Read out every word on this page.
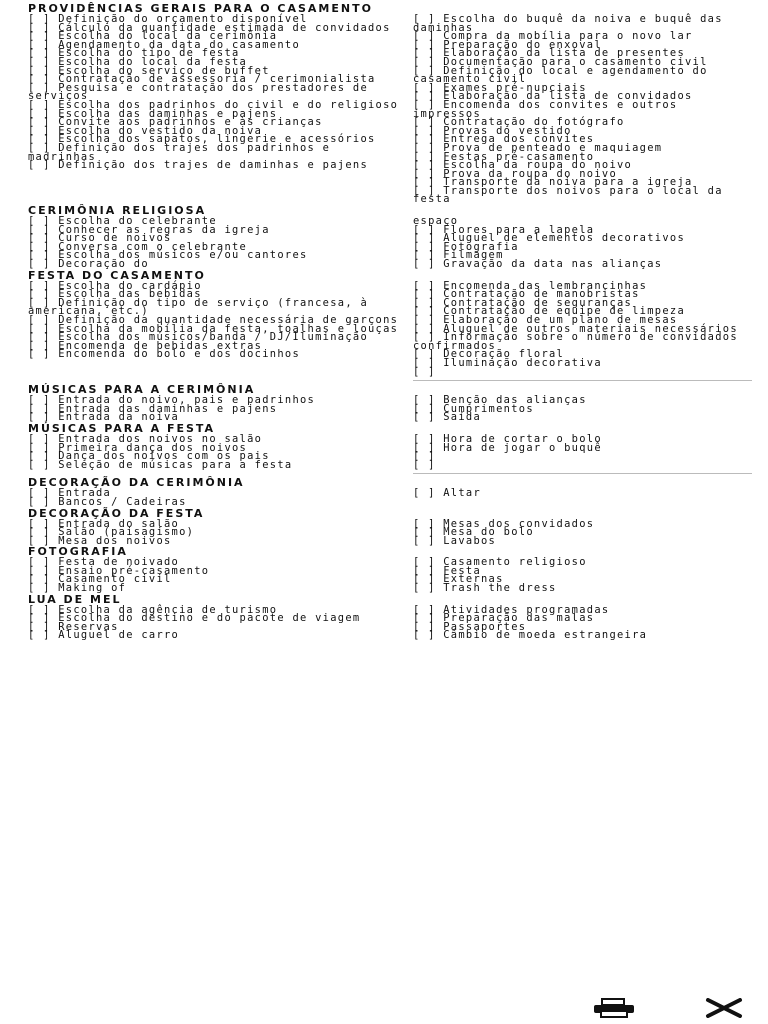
PROVIDÊNCIAS GERAIS PARA O CASAMENTO
[ ] Definição do orçamento disponível
[ ] Cálculo da quantidade estimada de convidados
[ ] Escolha do local da cerimônia
[ ] Agendamento da data do casamento
[ ] Escolha do tipo de festa
[ ] Escolha do local da festa
[ ] Escolha do serviço de buffet
[ ] Contratação de assessoria / cerimonialista
[ ] Pesquisa e contratação dos prestadores de serviços
[ ] Escolha dos padrinhos do civil e do religioso
[ ] Escolha das daminhas e pajens
[ ] Convite aos padrinhos e às crianças
[ ] Escolha do vestido da noiva
[ ] Escolha dos sapatos, lingerie e acessórios
[ ] Definição dos trajes dos padrinhos e madrinhas
[ ] Definição dos trajes de daminhas e pajens
[ ] Escolha do buquê da noiva e buquê das daminhas
[ ] Compra da mobília para o novo lar
[ ] Preparação do enxoval
[ ] Elaboração da lista de presentes
[ ] Documentação para o casamento civil
[ ] Definição do local e agendamento do casamento civil
[ ] Exames pré-nupciais
[ ] Elaboração da lista de convidados
[ ] Encomenda dos convites e outros impressos
[ ] Contratação do fotógrafo
[ ] Provas do vestido
[ ] Entrega dos convites
[ ] Prova de penteado e maquiagem
[ ] Festas pré-casamento
[ ] Escolha da roupa do noivo
[ ] Prova da roupa do noivo
[ ] Transporte da noiva para a igreja
[ ] Transporte dos noivos para o local da festa
CERIMÔNIA RELIGIOSA
[ ] Escolha do celebrante
[ ] Conhecer as regras da igreja
[ ] Curso de noivos
[ ] Conversa com o celebrante
[ ] Escolha dos músicos e/ou cantores
[ ] Decoração do
espaço
[ ] Flores para a lapela
[ ] Aluguel de elementos decorativos
[ ] Fotografia
[ ] Filmagem
[ ] Gravação da data nas alianças
FESTA DO CASAMENTO
[ ] Escolha do cardápio
[ ] Escolha das bebidas
[ ] Definição do tipo de serviço (francesa, à americana, etc.)
[ ] Definição da quantidade necessária de garçons
[ ] Escolha da mobília da festa, toalhas e louças
[ ] Escolha dos músicos/banda / DJ/Iluminação
[ ] Encomenda de bebidas extras
[ ] Encomenda do bolo e dos docinhos
[ ] Encomenda das lembrancinhas
[ ] Contratação de manobristas
[ ] Contratação de seguranças
[ ] Contratação de equipe de limpeza
[ ] Elaboração de um plano de mesas
[ ] Aluguel de outros materiais necessários
[ ] Informação sobre o número de convidados confirmados
[ ] Decoração floral
[ ] Iluminação decorativa
[ ]
MÚSICAS PARA A CERIMÔNIA
[ ] Entrada do noivo, pais e padrinhos
[ ] Entrada das daminhas e pajens
[ ] Entrada da noiva
[ ] Benção das alianças
[ ] Cumprimentos
[ ] Saída
MÚSICAS PARA A FESTA
[ ] Entrada dos noivos no salão
[ ] Primeira dança dos noivos
[ ] Dança dos noivos com os pais
[ ] Seleção de músicas para a festa
[ ] Hora de cortar o bolo
[ ] Hora de jogar o buquê
[ ]
[ ]
DECORAÇÃO DA CERIMÔNIA
[ ] Entrada
[ ] Bancos / Cadeiras
[ ] Altar
DECORAÇÃO DA FESTA
[ ] Entrada do salão
[ ] Salão (paisagismo)
[ ] Mesa dos noivos
[ ] Mesas dos convidados
[ ] Mesa do bolo
[ ] Lavabos
FOTOGRAFIA
[ ] Festa de noivado
[ ] Ensaio pré-casamento
[ ] Casamento civil
[ ] Making of
[ ] Casamento religioso
[ ] Festa
[ ] Externas
[ ] Trash the dress
LUA DE MEL
[ ] Escolha da agência de turismo
[ ] Escolha do destino e do pacote de viagem
[ ] Reservas
[ ] Aluguel de carro
[ ] Atividades programadas
[ ] Preparação das malas
[ ] Passaportes
[ ] Câmbio de moeda estrangeira
